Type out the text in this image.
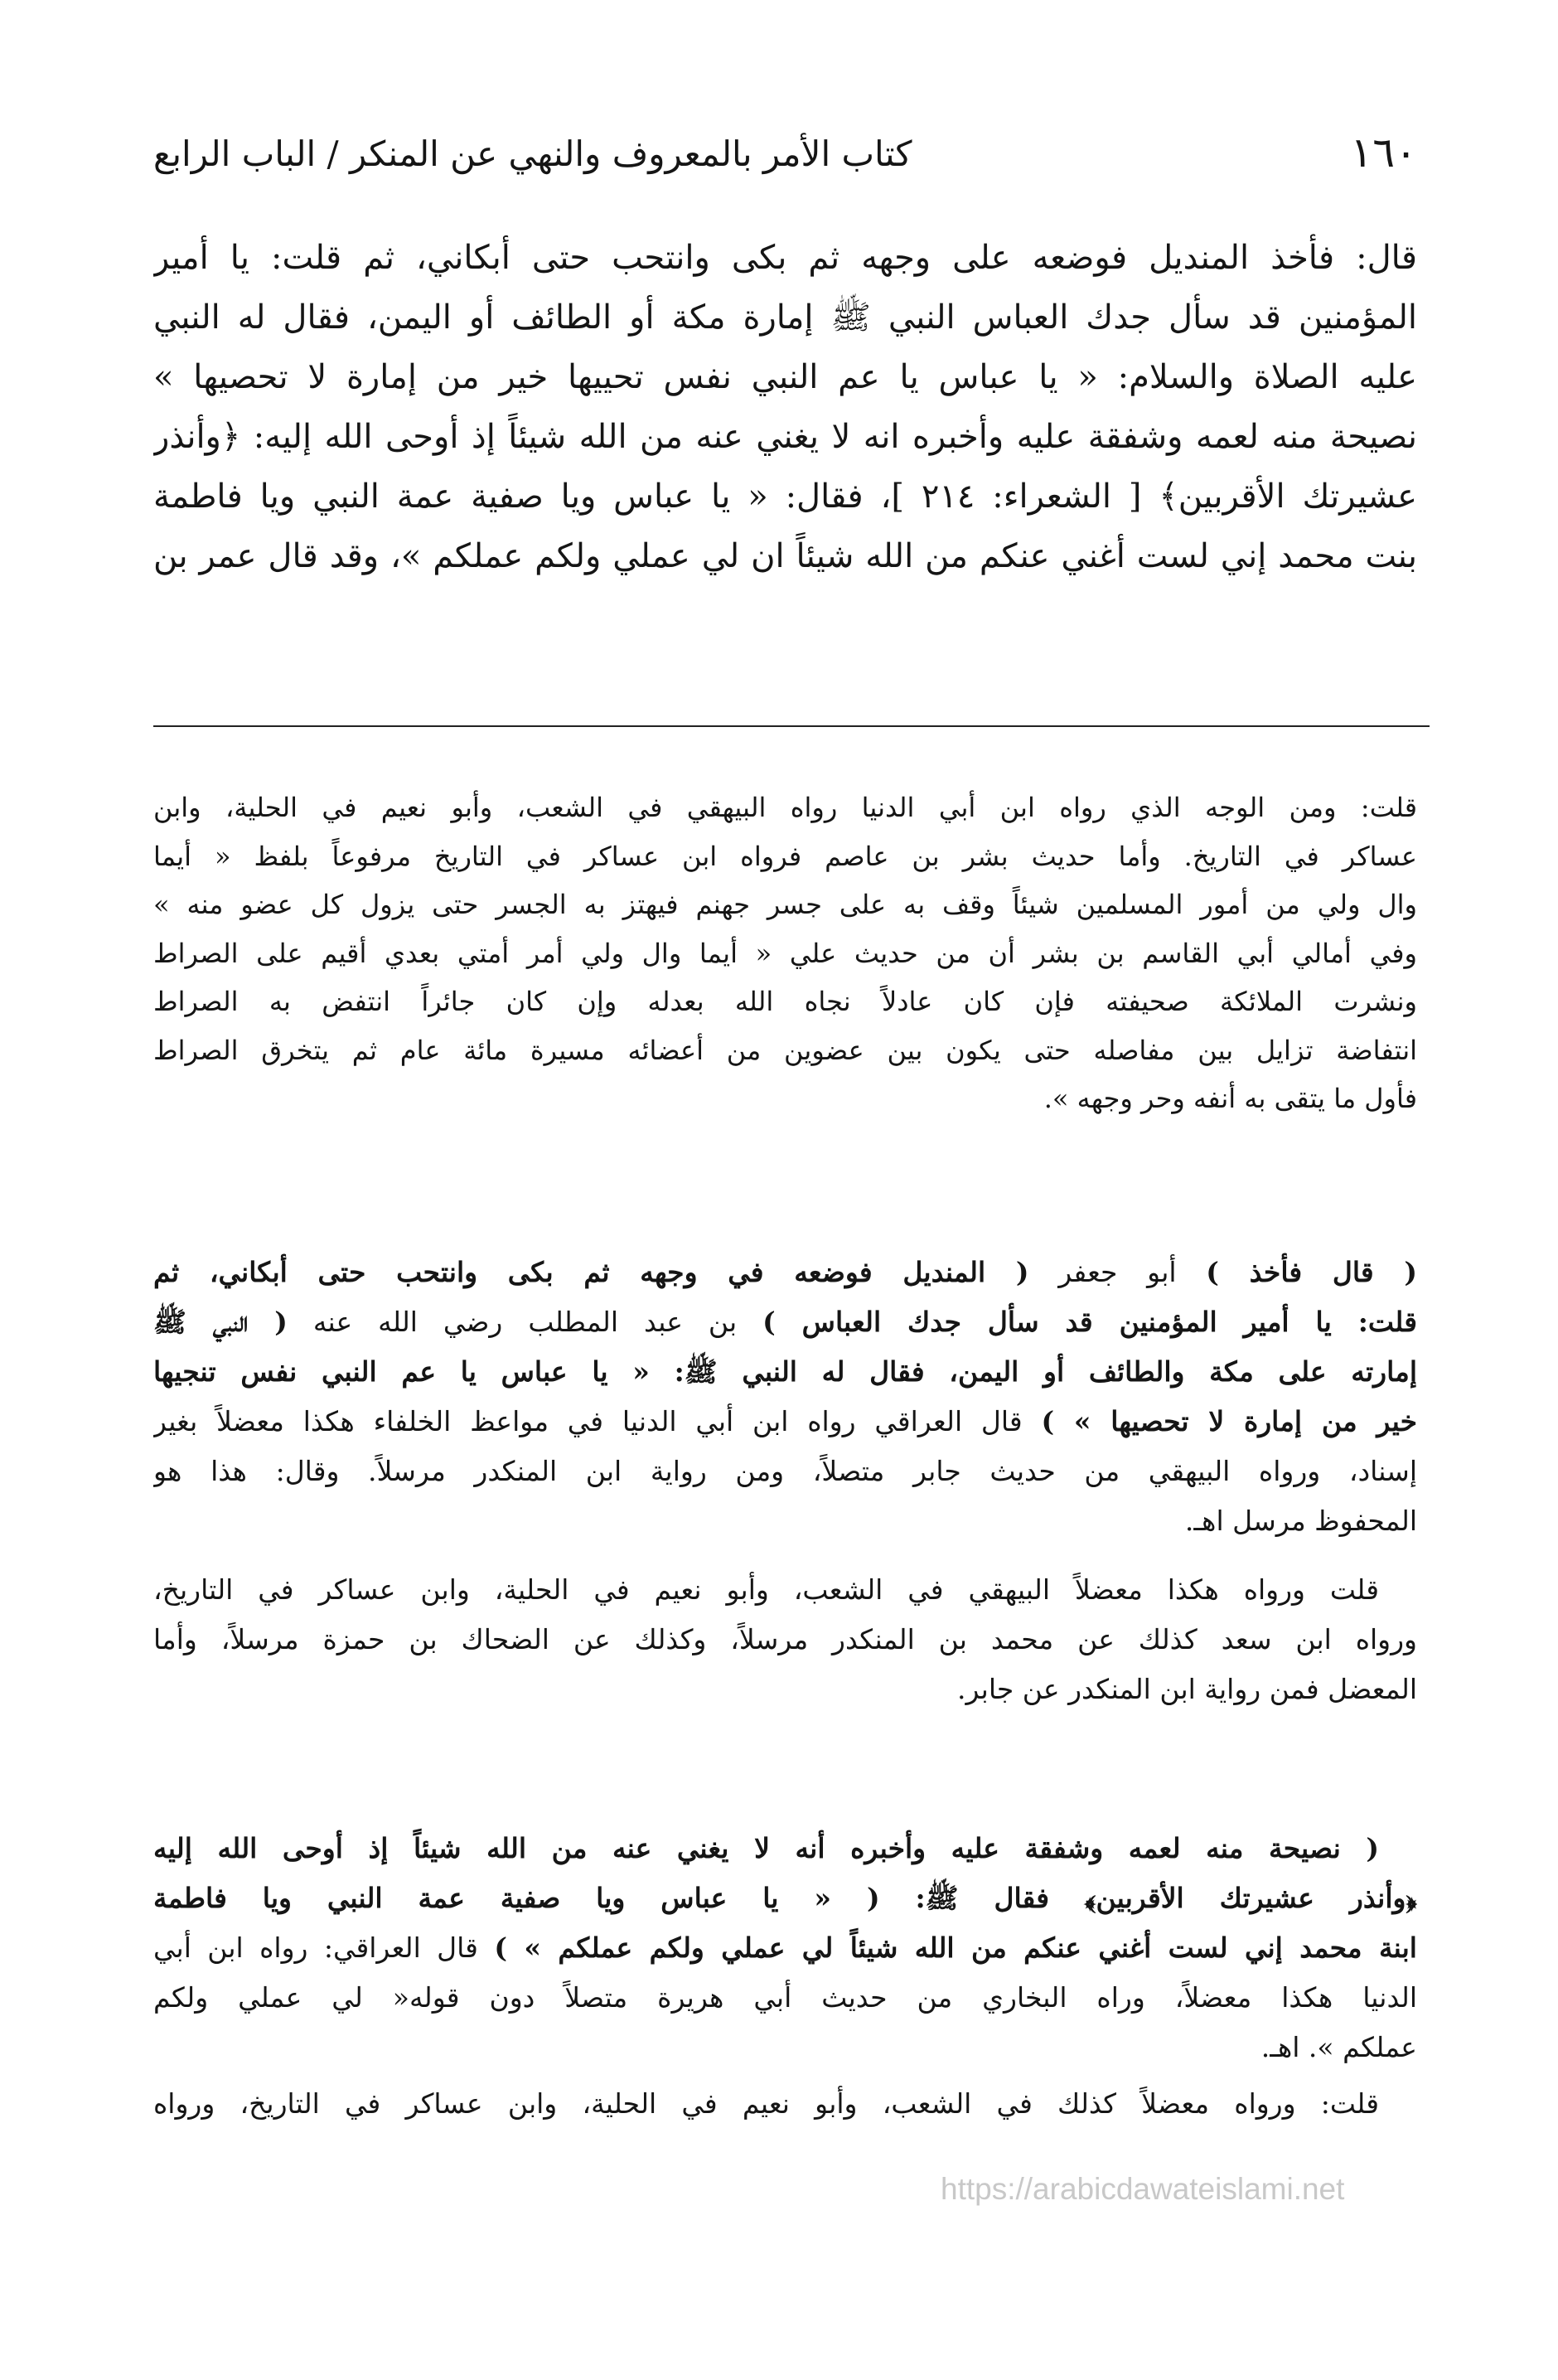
١٦٠
كتاب الأمر بالمعروف والنهي عن المنكر / الباب الرابع
قال: فأخذ المنديل فوضعه على وجهه ثم بكى وانتحب حتى أبكاني، ثم قلت: يا أمير
المؤمنين قد سأل جدك العباس النبي ﷺ إمارة مكة أو الطائف أو اليمن، فقال له النبي
عليه الصلاة والسلام: « يا عباس يا عم النبي نفس تحييها خير من إمارة لا تحصيها »
نصيحة منه لعمه وشفقة عليه وأخبره انه لا يغني عنه من الله شيئاً إذ أوحى الله إليه: ﴿وأنذر
عشيرتك الأقربين﴾ [ الشعراء: ٢١٤ ]، فقال: « يا عباس ويا صفية عمة النبي ويا فاطمة
بنت محمد إني لست أغني عنكم من الله شيئاً ان لي عملي ولكم عملكم »، وقد قال عمر بن
قلت: ومن الوجه الذي رواه ابن أبي الدنيا رواه البيهقي في الشعب، وأبو نعيم في الحلية، وابن
عساكر في التاريخ. وأما حديث بشر بن عاصم فرواه ابن عساكر في التاريخ مرفوعاً بلفظ « أيما
وال ولي من أمور المسلمين شيئاً وقف به على جسر جهنم فيهتز به الجسر حتى يزول كل عضو منه »
وفي أمالي أبي القاسم بن بشر أن من حديث علي « أيما وال ولي أمر أمتي بعدي أقيم على الصراط
ونشرت الملائكة صحيفته فإن كان عادلاً نجاه الله بعدله وإن كان جائراً انتفض به الصراط
انتفاضة تزايل بين مفاصله حتى يكون بين عضوين من أعضائه مسيرة مائة عام ثم يتخرق الصراط
فأول ما يتقى به أنفه وحر وجهه ».
( قال فأخذ ) أبو جعفر ( المنديل فوضعه في وجهه ثم بكى وانتحب حتى أبكاني، ثم
قلت: يا أمير المؤمنين قد سأل جدك العباس ) بن عبد المطلب رضي الله عنه ( النبي ﷺ
إمارته على مكة والطائف أو اليمن، فقال له النبي ﷺ: « يا عباس يا عم النبي نفس تنجيها
خير من إمارة لا تحصيها » ) قال العراقي رواه ابن أبي الدنيا في مواعظ الخلفاء هكذا معضلاً بغير
إسناد، ورواه البيهقي من حديث جابر متصلاً، ومن رواية ابن المنكدر مرسلاً. وقال: هذا هو
المحفوظ مرسل اهـ.
قلت ورواه هكذا معضلاً البيهقي في الشعب، وأبو نعيم في الحلية، وابن عساكر في التاريخ،
ورواه ابن سعد كذلك عن محمد بن المنكدر مرسلاً، وكذلك عن الضحاك بن حمزة مرسلاً، وأما
المعضل فمن رواية ابن المنكدر عن جابر.
( نصيحة منه لعمه وشفقة عليه وأخبره أنه لا يغني عنه من الله شيئاً إذ أوحى الله إليه
﴿وأنذر عشيرتك الأقربين﴾ فقال ﷺ: ( « يا عباس ويا صفية عمة النبي ويا فاطمة
ابنة محمد إني لست أغني عنكم من الله شيئاً لي عملي ولكم عملكم » ) قال العراقي: رواه ابن أبي
الدنيا هكذا معضلاً، وراه البخاري من حديث أبي هريرة متصلاً دون قوله« لي عملي ولكم
عملكم ». اهـ.
قلت: ورواه معضلاً كذلك في الشعب، وأبو نعيم في الحلية، وابن عساكر في التاريخ، ورواه
https://arabicdawateislami.net
